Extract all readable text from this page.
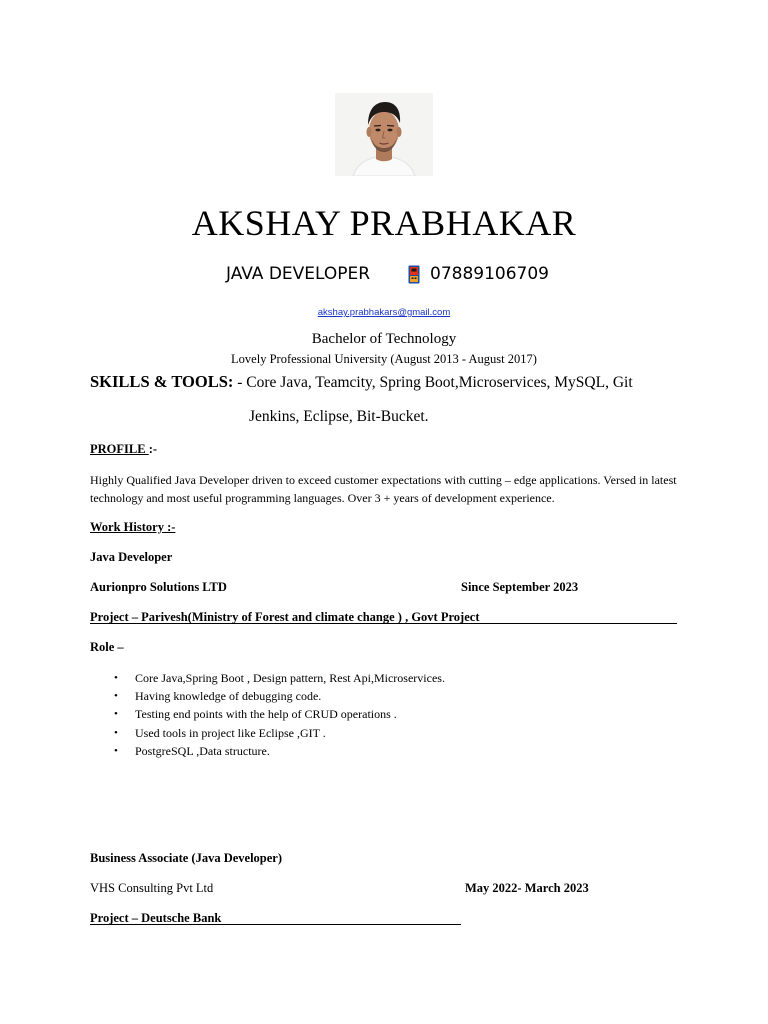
AKSHAY PRABHAKAR
JAVA DEVELOPER	07889106709
akshay.prabhakars@gmail.com
Bachelor of Technology
Lovely Professional University (August 2013 - August 2017)
SKILLS & TOOLS: - Core Java, Teamcity, Spring Boot,Microservices, MySQL, Git
Jenkins, Eclipse, Bit-Bucket.
PROFILE :-
Highly Qualified Java Developer driven to exceed customer expectations with cutting – edge applications. Versed in latest technology and most useful programming languages. Over 3 + years of development experience.
Work History :-
Java Developer
Aurionpro Solutions LTD	Since September 2023
Project – Parivesh(Ministry of Forest and climate change ) , Govt Project
Role –
• Core Java,Spring Boot , Design pattern, Rest Api,Microservices.
• Having knowledge of debugging code.
• Testing end points with the help of CRUD operations .
• Used tools in project like Eclipse ,GIT .
• PostgreSQL ,Data structure.
Business Associate (Java Developer)
VHS Consulting Pvt Ltd	May 2022- March 2023
Project – Deutsche Bank
